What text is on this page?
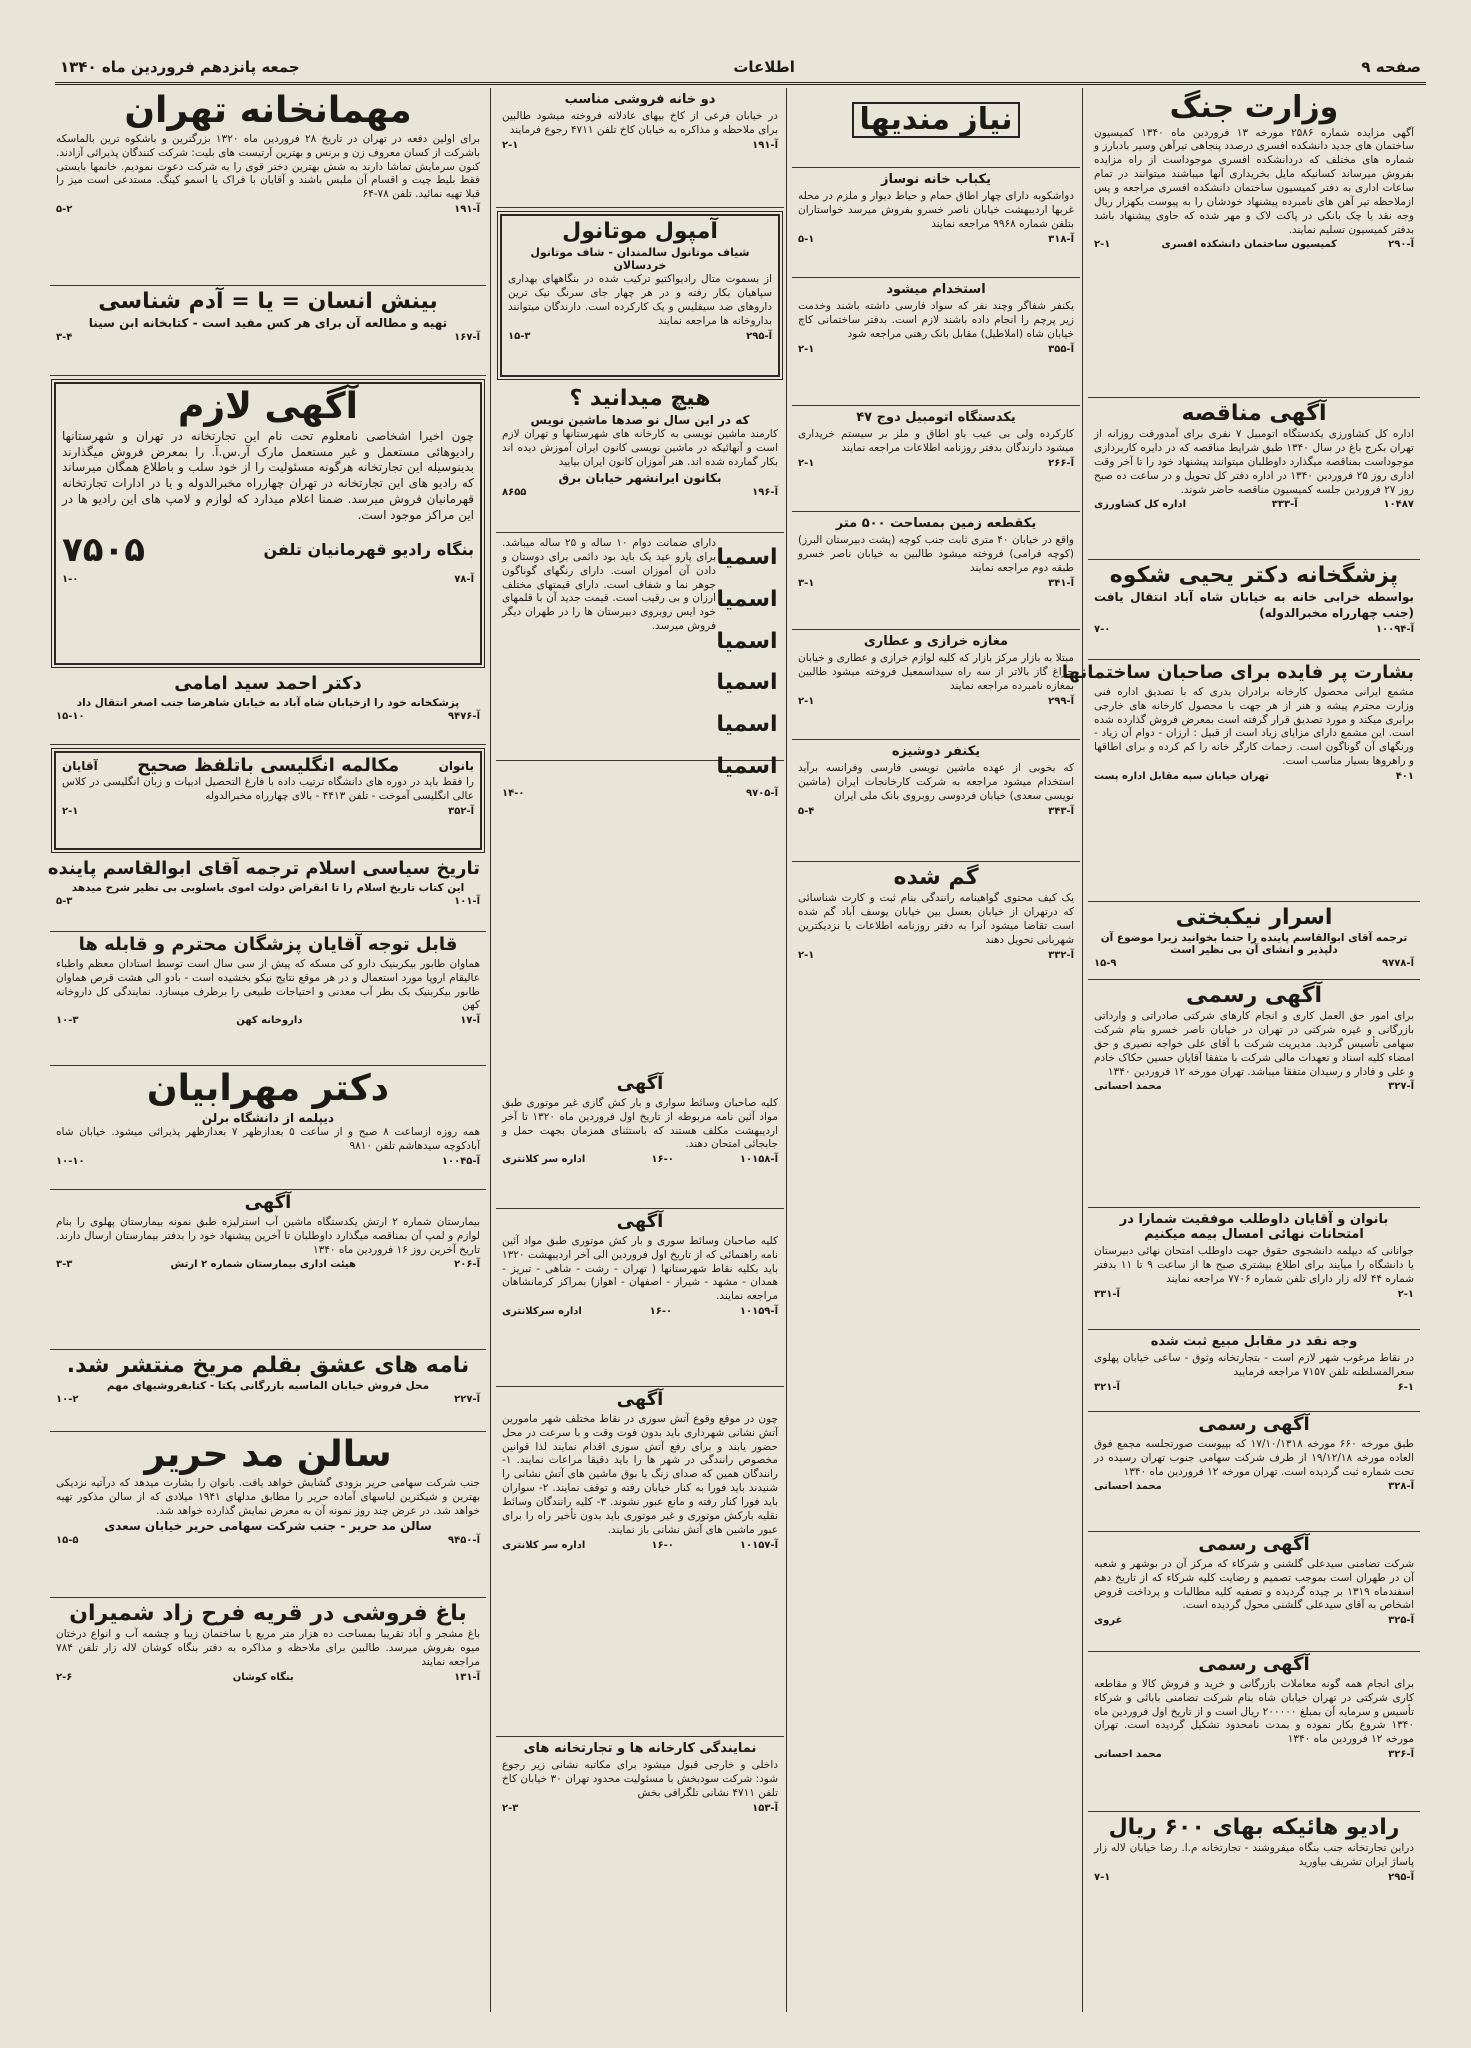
صفحه ۹
اطلاعات
جمعه پانزدهم فروردین ماه ۱۳۴۰
وزارت جنگ

آگهی مزایده شماره ۲۵۸۶ مورخه ۱۳ فروردین ماه ۱۳۴۰ کمیسیون ساختمان های جدید دانشکده افسری درصدد پنجاهی تیرآهن وسیر بادبارز و شماره های مختلف که دردانشکده افسری موجوداست از راه مزایده بفروش میرساند کسانیکه مایل بخریداری آنها میباشند میتوانند در تمام ساعات اداری به دفتر کمیسیون ساختمان دانشکده افسری مراجعه و پس ازملاحظه تیر آهن های نامبرده پیشنهاد خودشان را به پیوست یکهزار ریال وجه نقد یا چک بانکی در پاکت لاک و مهر شده که حاوی پیشنهاد باشد بدفتر کمیسیون تسلیم نمایند.

آ-۲۹۰
کمیسیون ساختمان دانشکده افسری
۲-۱
آگهی مناقصه

اداره کل کشاورزی یکدستگاه اتومبیل ۷ نفری برای آمدورفت روزانه از تهران بکرج باغ در سال ۱۳۴۰ طبق شرایط مناقصه که در دایره کاربردازی موجوداست بمناقصه میگذارد داوطلبان میتوانند پیشنهاد خود را تا آخر وقت اداری روز ۲۵ فروردین ۱۳۴۰ در اداره دفتر کل تحویل و در ساعت ده صبح روز ۲۷ فروردین جلسه کمیسیون مناقصه حاضر شوند.

۱۰۴۸۷
آ-۳۳۳
اداره کل کشاورزی
پزشگخانه دکتر یحیی شکوه

بواسطه خرابی خانه به خیابان شاه آباد انتقال یافت (جنب چهارراه مخبرالدوله)

آ-۱۰۰۹۴
۷-۰
بشارت پر فایده برای صاحبان ساختمانها

مشمع ایرانی محصول کارخانه برادران بدری که با تصدیق اداره فنی وزارت محترم پیشه و هنر از هر جهت با محصول کارخانه های خارجی برابری میکند و مورد تصدیق قرار گرفته است بمعرض فروش گذارده شده است. این مشمع دارای مزایای زیاد است از قبیل : ارزان - دوام آن زیاد - ورنگهای آن گوناگون است. زحمات کارگر خانه را کم کرده و برای اطاقها و راهروها بسیار مناسب است.

۴۰۱
تهران خیابان سپه مقابل اداره پست
اسرار نیکبختی
ترجمه آقای ابوالقاسم پاینده را حتما بخوانید زیرا موضوع آن دلپذیر و انشای آن بی نظیر است
آ-۹۷۷۸
۱۵-۹
آگهی رسمی

برای امور حق العمل کاری و انجام کارهای شرکتی صادراتی و وارداتی بازرگانی و غیره شرکتی در تهران در خیابان ناصر خسرو بنام شرکت سهامی تأسیس گردید. مدیریت شرکت با آقای علی خواجه نصیری و حق امضاء کلیه اسناد و تعهدات مالی شرکت با متفقا آقایان حسین حکاک خادم و علی و فادار و رسیدان متفقا میباشد. تهران مورخه ۱۲ فروردین ۱۳۴۰

آ-۳۲۷
محمد احسانی
بانوان و آقایان داوطلب موفقیت شمارا در امتحانات نهائی امسال بیمه میکنیم

جوانانی که دیپلمه دانشجوی حقوق جهت داوطلب امتحان نهائی دبیرستان یا دانشگاه را میآیند برای اطلاع بیشتری صبح ها از ساعت ۹ تا ۱۱ بدفتر شماره ۴۴ لاله زار دارای تلفن شماره ۷۷۰۶ مراجعه نمایند

۲-۱
آ-۳۳۱
وجه نقد در مقابل مبیع ثبت شده

در نقاط مرغوب شهر لازم است - بتجارتخانه وثوق - ساعی خیابان پهلوی سعرالمسلطنه تلفن ۷۱۵۷ مراجعه فرمایید

۶-۱
آ-۳۲۱
آگهی رسمی

طبق مورخه ۶۶۰ مورخه ۱۷/۱۰/۱۳۱۸ که بپیوست صورتجلسه مجمع فوق العاده مورخه ۱۹/۱۲/۱۸ از طرف شرکت سهامی جنوب تهران رسیده در تحت شماره ثبت گردیده است. تهران مورخه ۱۲ فروردین ماه ۱۳۴۰

آ-۳۲۸
محمد احسانی
آگهی رسمی

شرکت تضامنی سیدعلی گلشنی و شرکاء که مرکز آن در بوشهر و شعبه آن در طهران است بموجب تصمیم و رضایت کلیه شرکاء که از تاریخ دهم اسفندماه ۱۳۱۹ بر چیده گردیده و تصفیه کلیه مطالبات و پرداخت قروض اشخاص به آقای سیدعلی گلشنی محول گردیده است.

آ-۳۲۵
غروی
آگهی رسمی

برای انجام همه گونه معاملات بازرگانی و خرید و فروش کالا و مقاطعه کاری شرکتی در تهران خیابان شاه بنام شرکت تضامنی بابائی و شرکاء تأسیس و سرمایه آن بمبلغ ۲۰۰۰۰۰ ریال است و از تاریخ اول فروردین ماه ۱۳۴۰ شروع بکار نموده و بمدت نامحدود تشکیل گردیده است. تهران مورخه ۱۲ فروردین ماه ۱۳۴۰

آ-۳۲۶
محمد احسانی
رادیو هائیکه بهای ۶۰۰ ریال

دراین تجارتخانه جنب بنگاه میفروشند - تجارتخانه م.ا. رضا خیابان لاله زار پاساژ ایران تشریف بیاورید

آ-۲۹۵
۷-۱
نیاز مندیها
یکباب خانه نوساز

دواشکوبه دارای چهار اطاق حمام و حیاط دیوار و ملزم در محله غربها اردیبهشت خیابان ناصر خسرو بفروش میرسد خواستاران بتلفن شماره ۹۹۶۸ مراجعه نمایند

آ-۳۱۸
۵-۱
استخدام میشود

یکنفر شفاگر وچند نفر که سواد فارسی داشته باشند وخدمت زیر پرچم را انجام داده باشند لازم است. بدفتر ساختمانی کاچ خیابان شاه (املاطیل) مقابل بانک رهنی مراجعه شود

آ-۳۵۵
۲-۱
یکدستگاه اتومبیل دوج ۴۷

کارکرده ولی بی عیب باو اطاق و ملز بر سیستم خریداری میشود دارندگان بدفتر روزنامه اطلاعات مراجعه نمایند

آ-۲۶۶
۲-۱
یکقطعه زمین بمساحت ۵۰۰ متر

واقع در خیابان ۴۰ متری ثابت جنب کوچه (پشت دبیرستان البرز) (کوچه فرامی) فروخته میشود طالبین به خیابان ناصر خسرو طبقه دوم مراجعه نمایند

آ-۳۴۱
۳-۱
مغازه خرازی و عطاری

مبتلا به بازار مرکز بازار که کلیه لوازم خرازی و عطاری و خیابان چراغ گاز بالاتر از سه راه سیداسمعیل فروخته میشود طالبین بمغازه نامبرده مراجعه نمایند

آ-۲۹۹
۲-۱
یکنفر دوشیزه

که بخوبی از عهده ماشین نویسی فارسی وفرانسه برآید استخدام میشود مراجعه به شرکت کارخانجات ایران (ماشین نویسی سعدی) خیابان فردوسی روبروی بانک ملی ایران

آ-۳۴۳
۵-۴
گم شده

یک کیف محتوی گواهینامه رانندگی بنام ثبت و کارت شناسائی که درتهران از خیابان بعسل بین خیابان یوسف آباد گم شده است تقاضا میشود آنرا به دفتر روزنامه اطلاعات یا نزدیکترین شهربانی تحویل دهند

آ-۳۳۲
۲-۱
دو خانه فروشی مناسب

در خیابان فرعی از کاخ بیهای عادلانه فروخته میشود طالبین برای ملاحظه و مذاکره به خیابان کاخ تلفن ۴۷۱۱ رجوع فرمایند

آ-۱۹۱
۲-۱
آمپول موتانول
شیاف موتانول سالمندان - شاف موتانول خردسالان

از بسموت متال رادیواکتیو ترکیب شده در بنگاههای بهداری سپاهیان بکار رفته و در هر چهار جای سرنگ نیک ترین داروهای ضد سیفلیس و یک کارکرده است. دارندگان میتوانند بداروخانه ها مراجعه نمایند

آ-۲۹۵
۱۵-۳
هیچ میدانید ؟
که در این سال نو صدها ماشین نویس

کارمند ماشین نویسی به کارخانه های شهرستانها و تهران لازم است و آنهائیکه در ماشین نویسی کانون ایران آموزش دیده اند بکار گمارده شده اند. هنر آموزان کانون ایران بیایید

بکانون ایرانشهر خیابان برق
آ-۱۹۶
۸۶۵۵
اسمیا
اسمیا
اسمیا
اسمیا
اسمیا
اسمیا

دارای ضمانت دوام ۱۰ ساله و ۲۵ ساله میباشد. برای پارو عید یک باید بود دائمی برای دوستان و دادن آن آموزان است. دارای رنگهای گوناگون جوهر نما و شفاف است. دارای قیمتهای مختلف ارزان و بی رقیب است. قیمت جدید آن با قلمهای خود ایس روبروی دبیرستان ها را در طهران دیگر فروش میرسد.

آ-۹۷۰۵
۱۴-۰
آگهی

کلیه صاحبان وسائط سواری و بار کش گازی غیر موتوری طبق مواد آئین نامه مربوطه از تاریخ اول فروردین ماه ۱۳۲۰ تا آخر اردیبهشت مکلف هستند که باستثنای همزمان بجهت حمل و جابجائی امتحان دهند.

آ-۱۰۱۵۸
۱۶-۰
اداره سر کلانتری
آگهی

کلیه صاحبان وسائط سوری و بار کش موتوری طبق مواد آئین نامه راهنمائی که از تاریخ اول فروردین الی آخر اردیبهشت ۱۳۲۰ باید بکلیه نقاط شهرستانها ( تهران - رشت - شاهی - تبریز - همدان - مشهد - شیراز - اصفهان - اهواز) بمراکز کرمانشاهان مراجعه نمایند.

آ-۱۰۱۵۹
۱۶-۰
اداره سرکلانتری
آگهی

چون در موقع وقوع آتش سوزی در نقاط مختلف شهر مامورین آتش نشانی شهرداری باید بدون فوت وقت و با سرعت در محل حضور یابند و برای رفع آتش سوزی اقدام نمایند لذا قوانین مخصوص رانندگی در شهر ها را باید دقیقا مراعات نمایند. ۱- رانندگان همین که صدای زنگ یا بوق ماشین های آتش نشانی را شنیدند باید فورا به کنار خیابان رفته و توقف نمایند. ۲- سواران باید فورا کنار رفته و مانع عبور نشوند. ۳- کلیه رانندگان وسائط نقلیه بارکش موتوری و غیر موتوری باید بدون تأخیر راه را برای عبور ماشین های آتش نشانی باز نمایند.

آ-۱۰۱۵۷
۱۶-۰
اداره سر کلانتری
نمایندگی کارخانه ها و تجارتخانه های

داخلی و خارجی قبول میشود برای مکاتبه نشانی زیر رجوع شود: شرکت سودبخش با مسئولیت محدود تهران ۳۰ خیابان کاخ تلفن ۴۷۱۱ نشانی تلگرافی بخش

آ-۱۵۳
۲-۳
مهمانخانه تهران

برای اولین دفعه در تهران در تاریخ ۲۸ فروردین ماه ۱۳۲۰ بزرگترین و باشکوه ترین بالماسکه باشرکت از کسان معروف زن و برنس و بهترین آرتیست های بلیت: شرکت کنندگان پذیرائی آزادند. کنون سرمایش تماشا دارند به شش بهترین دختر قوی را به شرکت دعوت نمودیم. خانمها بایستی فقط بلیط چیت و اقسام آن ملبس باشند و آقایان با فراک یا اسمو کینگ. مستدعی است میز را قبلا تهیه نمائید. تلفن ۷۸-۶۴

آ-۱۹۱
۵-۲
بینش انسان = یا = آدم شناسی
تهیه و مطالعه آن برای هر کس مفید است - کتابخانه ابن سینا
آ-۱۶۷
۳-۴
آگهی لازم

چون اخیرا اشخاصی نامعلوم تحت نام این تجارتخانه در تهران و شهرستانها رادیوهائی مستعمل و غیر مستعمل مارک آر.س.آ. را بمعرض فروش میگذارند بدینوسیله این تجارتخانه هرگونه مسئولیت را از خود سلب و باطلاع همگان میرساند که رادیو های این تجارتخانه در تهران چهارراه مخبرالدوله و یا در ادارات تجارتخانه قهرمانیان فروش میرسد. ضمنا اعلام میدارد که لوازم و لامپ های این رادیو ها در این مراکز موجود است.

بنگاه رادیو قهرمانیان تلفن
۷۵۰۵
آ-۷۸
۱-۰
دکتر احمد سید امامی
پزشکخانه خود را ازخیابان شاه آباد به خیابان شاهرضا جنب اصغر انتقال داد
آ-۹۴۷۶
۱۵-۱۰
بانوان
مکالمه انگلیسی باتلفظ صحیح
آقایان

را فقط باید در دوره های دانشگاه ترتیب داده با فارغ التحصیل ادبیات و زبان انگلیسی در کلاس عالی انگلیسی آموخت - تلفن ۴۴۱۳ - بالای چهارراه مخبرالدوله

آ-۳۵۲
۲-۱
تاریخ سیاسی اسلام ترجمه آقای ابوالقاسم پاینده
این کتاب تاریخ اسلام را تا انقراض دولت اموی باسلوبی بی نظیر شرح میدهد
آ-۱۰۱
۵-۳
قابل توجه آقایان پزشگان محترم و قابله ها

هماوان طابور بیکربنیک دارو کی مسکه که پیش از سی سال است توسط استادان معظم واطباء عالیقام اروپا مورد استعمال و در هر موقع نتایج نیکو بخشیده است - بادو الی هشت قرص هماوان طابور بیکربنیک یک بطر آب معدنی و احتیاجات طبیعی را برطرف میسازد. نمایندگی کل داروخانه کهن

آ-۱۷
داروخانه کهن
۱۰-۳
دکتر مهرابیان
دیپلمه از دانشگاه برلن

همه روزه ازساعت ۸ صبح و از ساعت ۵ بعدازظهر ۷ بعدازظهر پذیرائی میشود. خیابان شاه آبادکوچه سیدهاشم تلفن ۹۸۱۰

آ-۱۰۰۴۵
۱۰-۱۰
آگهی

بیمارستان شماره ۲ ارتش یکدستگاه ماشین آب استرلیزه طبق نمونه بیمارستان پهلوی را بنام لوازم و لمپ آن بمناقصه میگذارد داوطلبان تا آخرین پیشنهاد خود را بدفتر بیمارستان ارسال دارند. تاریخ آخرین روز ۱۶ فروردین ماه ۱۳۴۰

آ-۲۰۶
هیئت اداری بیمارستان شماره ۲ ارتش
۳-۳
نامه های عشق بقلم مریخ منتشر شد.
محل فروش خیابان الماسیه بازرگانی پکتا - کتابفروشیهای مهم
آ-۲۲۷
۱۰-۲
سالن مد حریر

جنب شرکت سهامی حریر بزودی گشایش خواهد یافت. بانوان را بشارت میدهد که درآتیه نزدیکی بهترین و شیکترین لباسهای آماده حریر را مطابق مدلهای ۱۹۴۱ میلادی که از سالن مذکور تهیه خواهد شد. در عرض چند روز نمونه آن به معرض نمایش گذارده خواهد شد.

سالن مد حریر - جنب شرکت سهامی حریر خیابان سعدی
آ-۹۴۵۰
۱۵-۵
باغ فروشی در قریه فرح زاد شمیران

باغ مشجر و آباد تقریبا بمساحت ده هزار متر مربع با ساختمان زیبا و چشمه آب و انواع درختان میوه بفروش میرسد. طالبین برای ملاحظه و مذاکره به دفتر بنگاه کوشان لاله زار تلفن ۷۸۴ مراجعه نمایند

آ-۱۳۱
بنگاه کوشان
۲-۶
